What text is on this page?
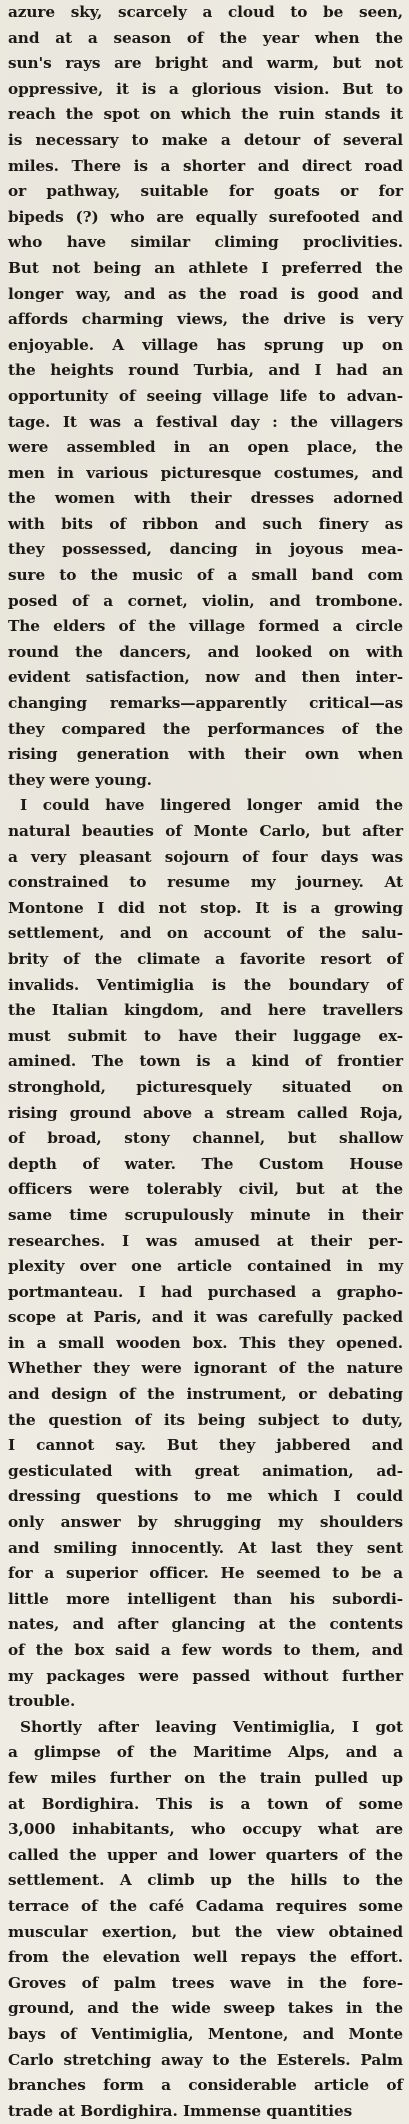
azure sky, scarcely a cloud to be seen,
and at a season of the year when the
sun's rays are bright and warm, but not
oppressive, it is a glorious vision. But to
reach the spot on which the ruin stands it
is necessary to make a detour of several
miles. There is a shorter and direct road
or pathway, suitable for goats or for
bipeds (?) who are equally surefooted and
who have similar climing proclivities.
But not being an athlete I preferred the
longer way, and as the road is good and
affords charming views, the drive is very
enjoyable. A village has sprung up on
the heights round Turbia, and I had an
opportunity of seeing village life to advan-
tage. It was a festival day : the villagers
were assembled in an open place, the
men in various picturesque costumes, and
the women with their dresses adorned
with bits of ribbon and such finery as
they possessed, dancing in joyous mea-
sure to the music of a small band com
posed of a cornet, violin, and trombone.
The elders of the village formed a circle
round the dancers, and looked on with
evident satisfaction, now and then inter-
changing remarks—apparently critical—as
they compared the performances of the
rising generation with their own when
they were young.
I could have lingered longer amid the
natural beauties of Monte Carlo, but after
a very pleasant sojourn of four days was
constrained to resume my journey. At
Montone I did not stop. It is a growing
settlement, and on account of the salu-
brity of the climate a favorite resort of
invalids. Ventimiglia is the boundary of
the Italian kingdom, and here travellers
must submit to have their luggage ex-
amined. The town is a kind of frontier
stronghold, picturesquely situated on
rising ground above a stream called Roja,
of broad, stony channel, but shallow
depth of water. The Custom House
officers were tolerably civil, but at the
same time scrupulously minute in their
researches. I was amused at their per-
plexity over one article contained in my
portmanteau. I had purchased a grapho-
scope at Paris, and it was carefully packed
in a small wooden box. This they opened.
Whether they were ignorant of the nature
and design of the instrument, or debating
the question of its being subject to duty,
I cannot say. But they jabbered and
gesticulated with great animation, ad-
dressing questions to me which I could
only answer by shrugging my shoulders
and smiling innocently. At last they sent
for a superior officer. He seemed to be a
little more intelligent than his subordi-
nates, and after glancing at the contents
of the box said a few words to them, and
my packages were passed without further
trouble.
Shortly after leaving Ventimiglia, I got
a glimpse of the Maritime Alps, and a
few miles further on the train pulled up
at Bordighira. This is a town of some
3,000 inhabitants, who occupy what are
called the upper and lower quarters of the
settlement. A climb up the hills to the
terrace of the café Cadama requires some
muscular exertion, but the view obtained
from the elevation well repays the effort.
Groves of palm trees wave in the fore-
ground, and the wide sweep takes in the
bays of Ventimiglia, Mentone, and Monte
Carlo stretching away to the Esterels. Palm
branches form a considerable article of
trade at Bordighira. Immense quantities
